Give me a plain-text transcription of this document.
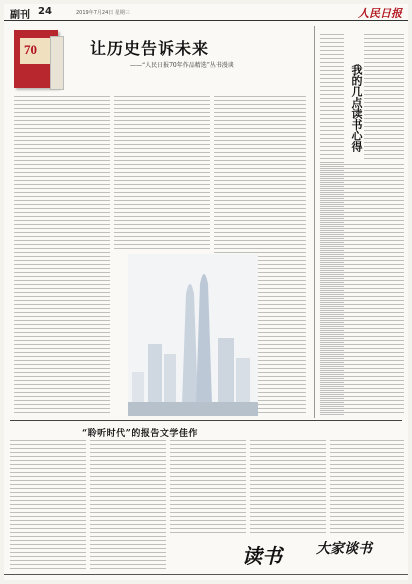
副刊 24	2019年7月24日 星期三	人民日报
70	让历史告诉未来
——“人民日报70年作品精选”丛书漫谈	我的几点读书心得
“聆听时代”的报告文学佳作
读书 大家谈书
